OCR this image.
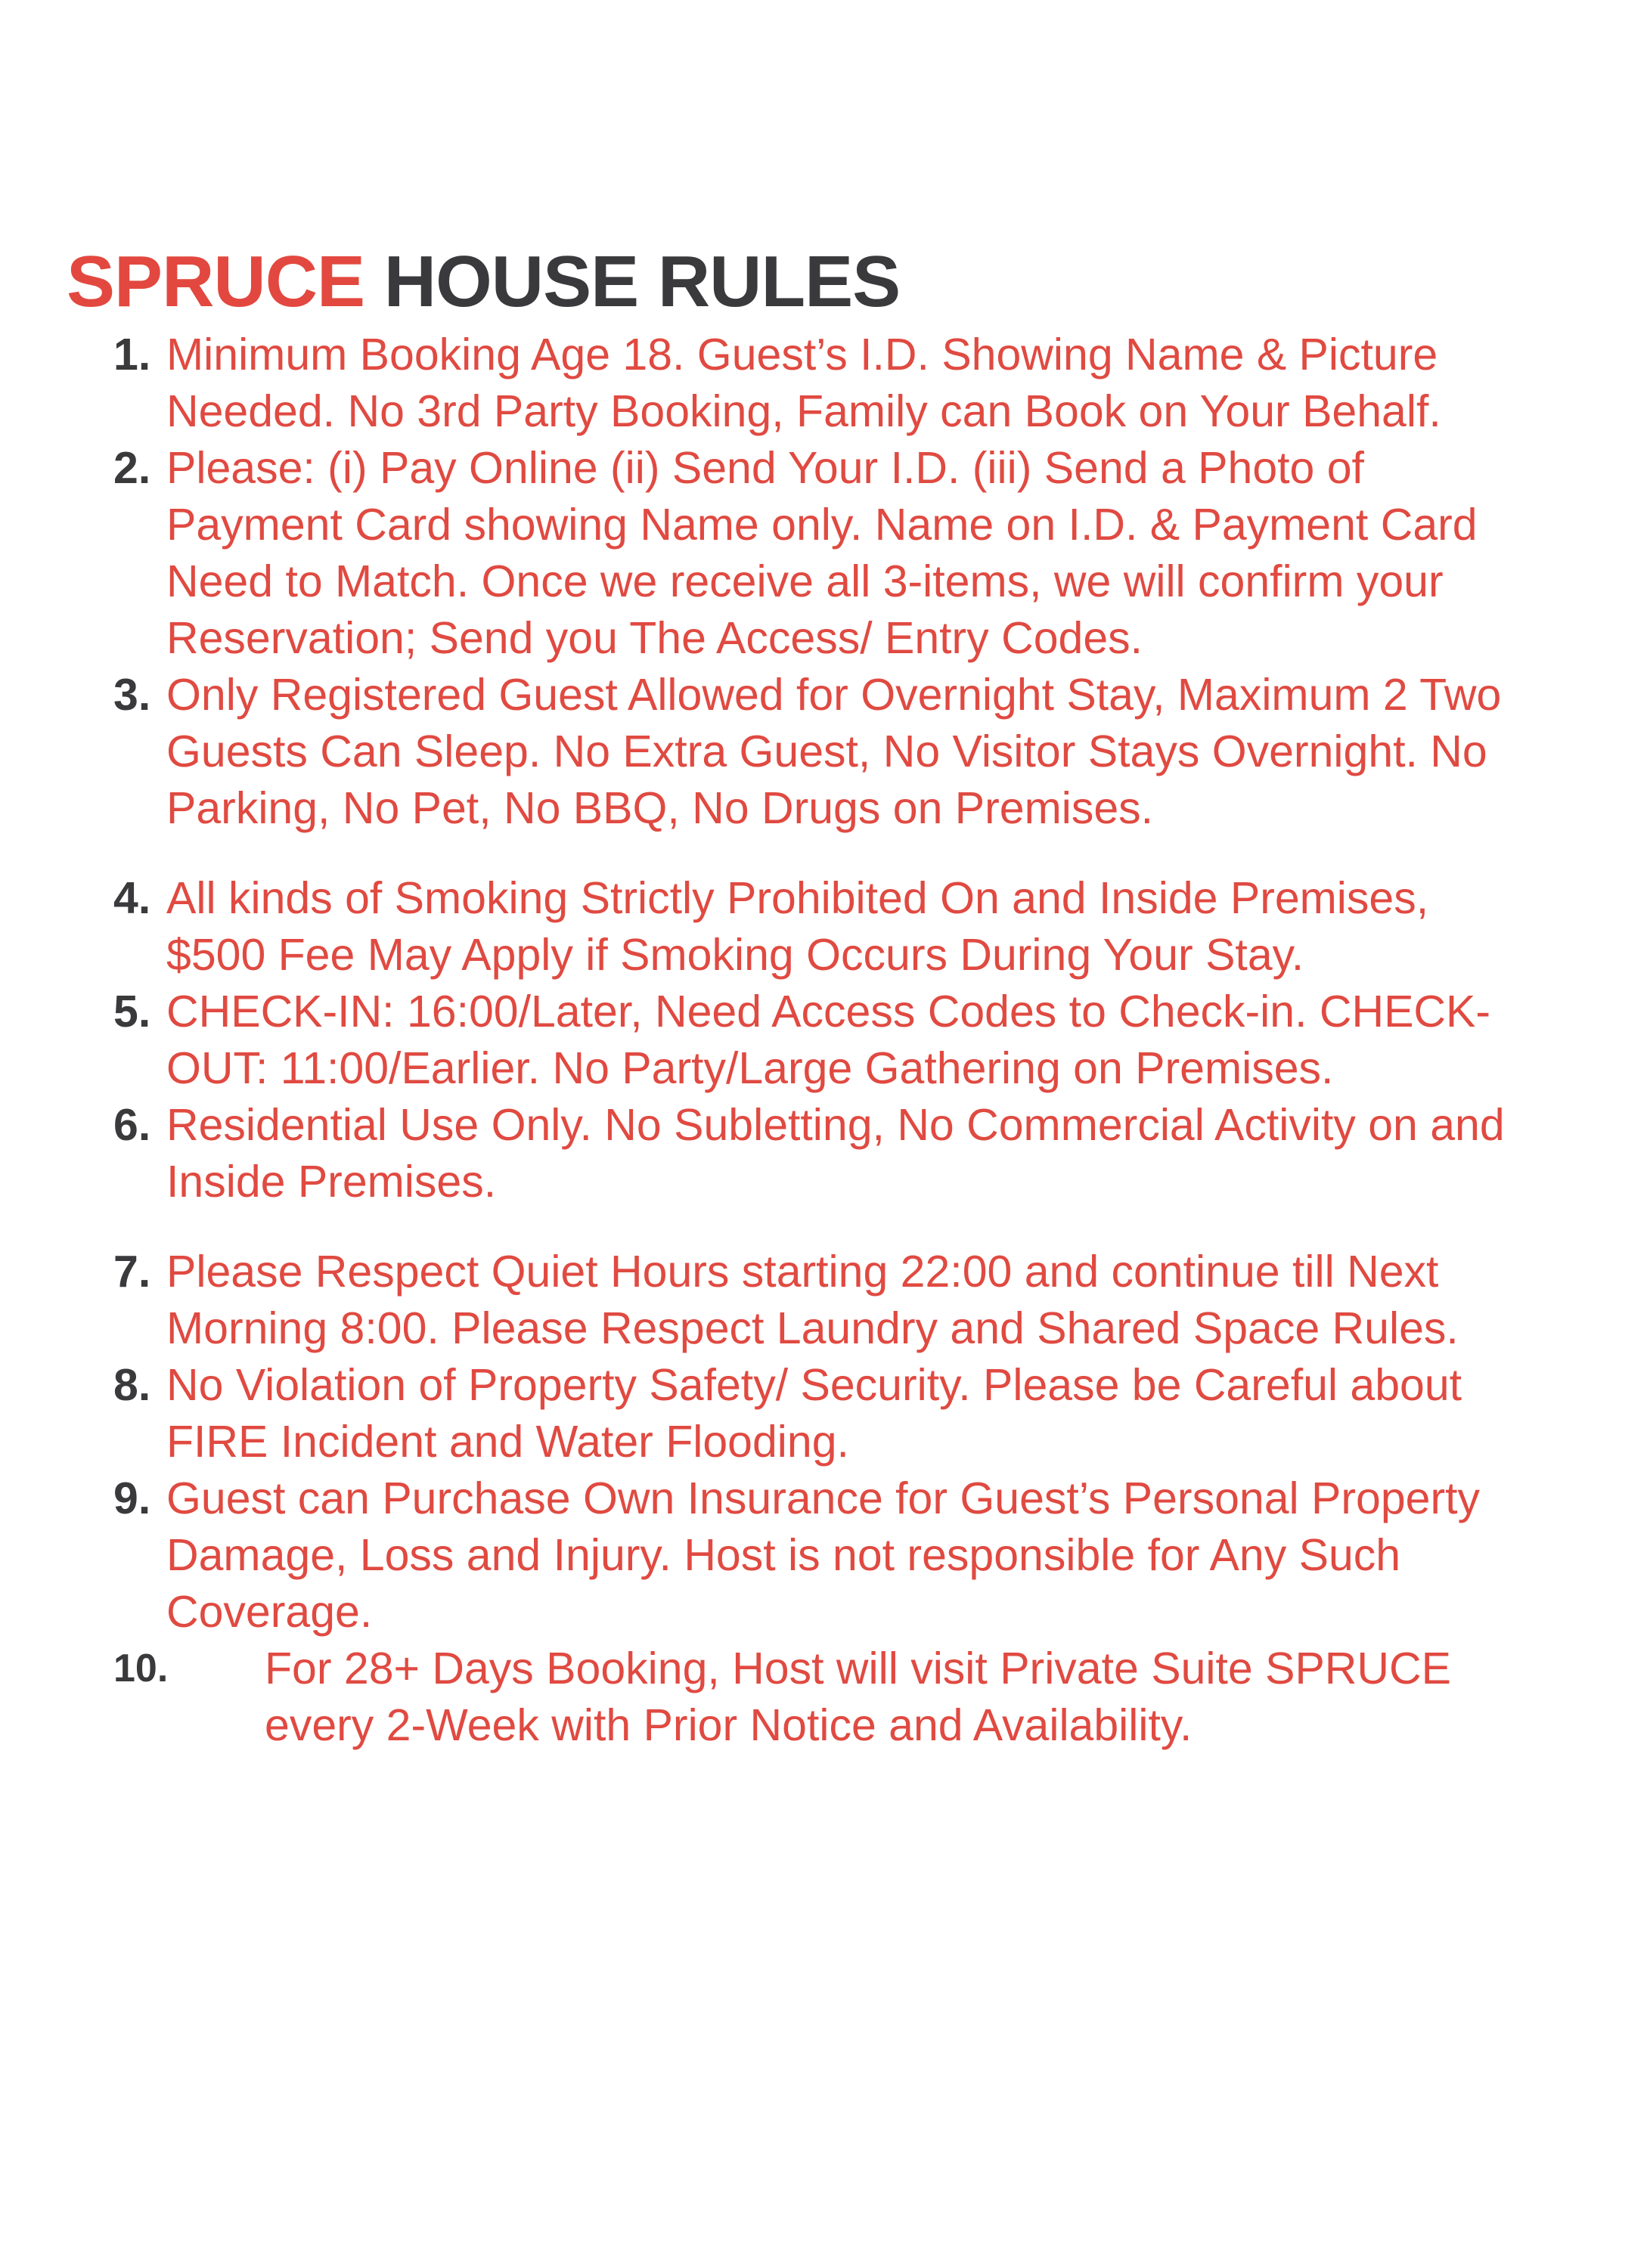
SPRUCE HOUSE RULES
1. Minimum Booking Age 18. Guest’s I.D. Showing Name & Picture
Needed. No 3rd Party Booking, Family can Book on Your Behalf.
2. Please: (i) Pay Online (ii) Send Your I.D. (iii) Send a Photo of
Payment Card showing Name only. Name on I.D. & Payment Card
Need to Match. Once we receive all 3-items, we will confirm your
Reservation; Send you The Access/ Entry Codes.
3. Only Registered Guest Allowed for Overnight Stay, Maximum 2 Two
Guests Can Sleep. No Extra Guest, No Visitor Stays Overnight. No
Parking, No Pet, No BBQ, No Drugs on Premises.
4. All kinds of Smoking Strictly Prohibited On and Inside Premises,
$500 Fee May Apply if Smoking Occurs During Your Stay.
5. CHECK-IN: 16:00/Later, Need Access Codes to Check-in. CHECK-
OUT: 11:00/Earlier. No Party/Large Gathering on Premises.
6. Residential Use Only. No Subletting, No Commercial Activity on and
Inside Premises.
7. Please Respect Quiet Hours starting 22:00 and continue till Next
Morning 8:00. Please Respect Laundry and Shared Space Rules.
8. No Violation of Property Safety/ Security. Please be Careful about
FIRE Incident and Water Flooding.
9. Guest can Purchase Own Insurance for Guest’s Personal Property
Damage, Loss and Injury. Host is not responsible for Any Such
Coverage.
10.	For 28+ Days Booking, Host will visit Private Suite SPRUCE
every 2-Week with Prior Notice and Availability.
